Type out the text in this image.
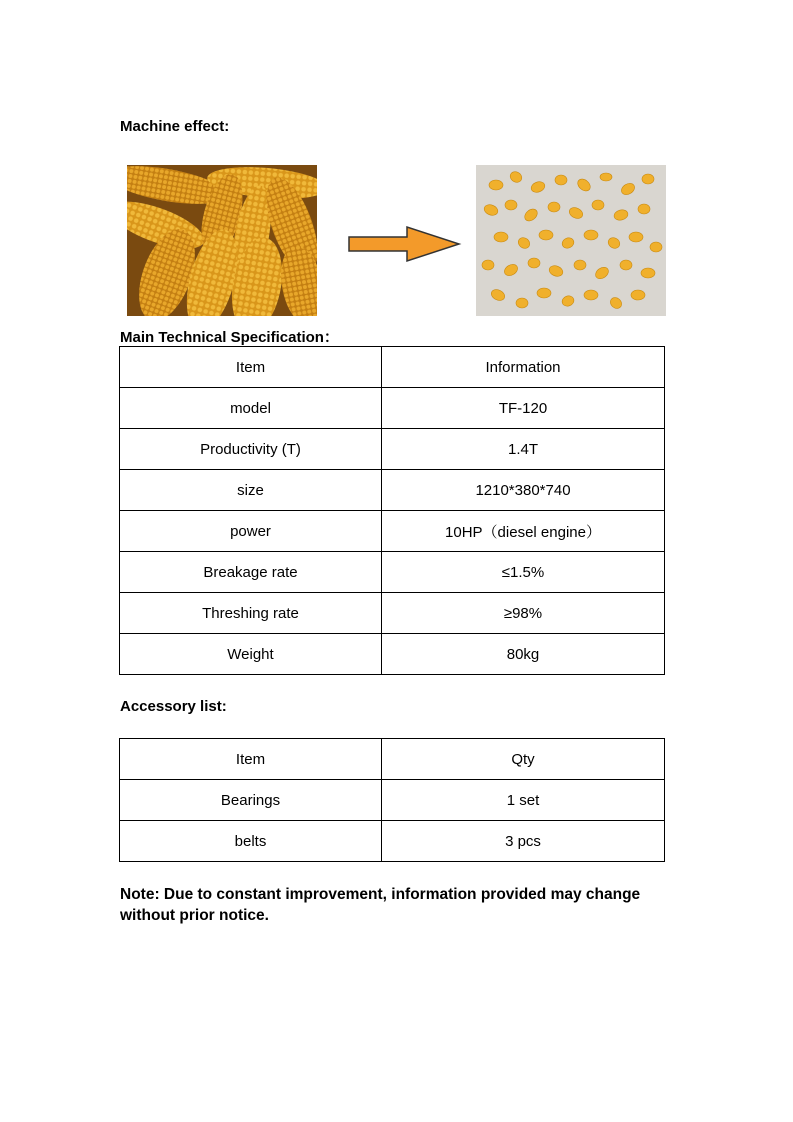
Machine effect:
Main Technical Specification：
Item	Information
model	TF-120
Productivity (T)	1.4T
size	1210*380*740
power	10HP（diesel engine）
Breakage rate	≤1.5%
Threshing rate	≥98%
Weight	80kg
Accessory list:
Item	Qty
Bearings	1 set
belts	3 pcs
Note: Due to constant improvement, information provided may change without prior notice.
